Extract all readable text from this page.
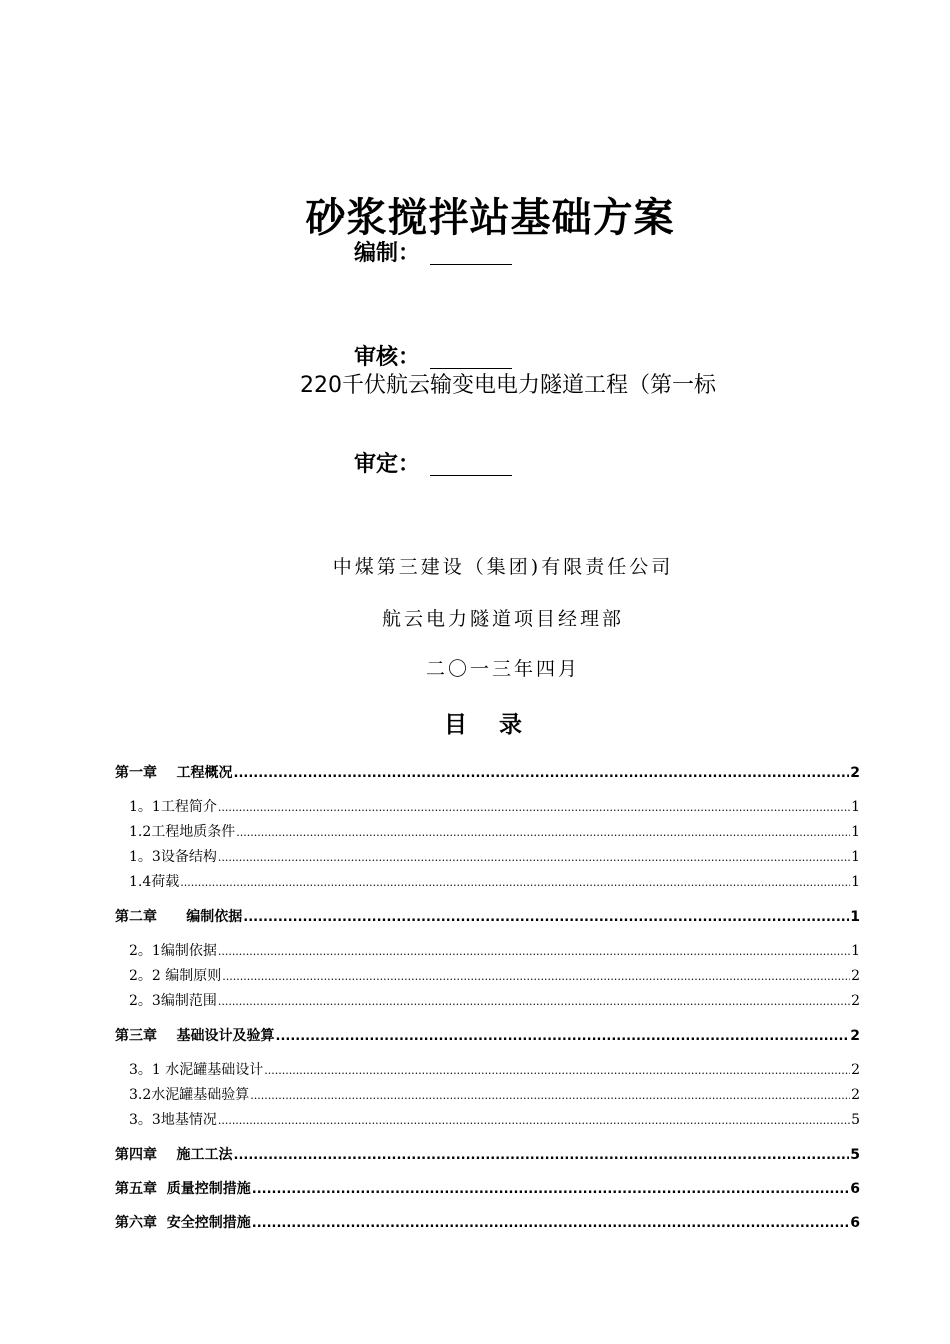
砂浆搅拌站基础方案
编制：
审核：
220千伏航云输变电电力隧道工程（第一标
审定：
中煤第三建设（集团)有限责任公司
航云电力隧道项目经理部
二〇一三年四月
目 录
第一章    工程概况 .....	2
1。1工程简介 .....	1
1.2工程地质条件 .....	1
1。3设备结构 .....	1
1.4荷载 .....	1
第二章      编制依据 .....	1
2。1编制依据 .....	1
2。2 编制原则 .....	2
2。3编制范围 .....	2
第三章    基础设计及验算 .....	2
3。1 水泥罐基础设计 .....	2
3.2水泥罐基础验算 .....	2
3。3地基情况 .....	5
第四章    施工工法 .....	5
第五章  质量控制措施 .....	6
第六章  安全控制措施 .....	6
